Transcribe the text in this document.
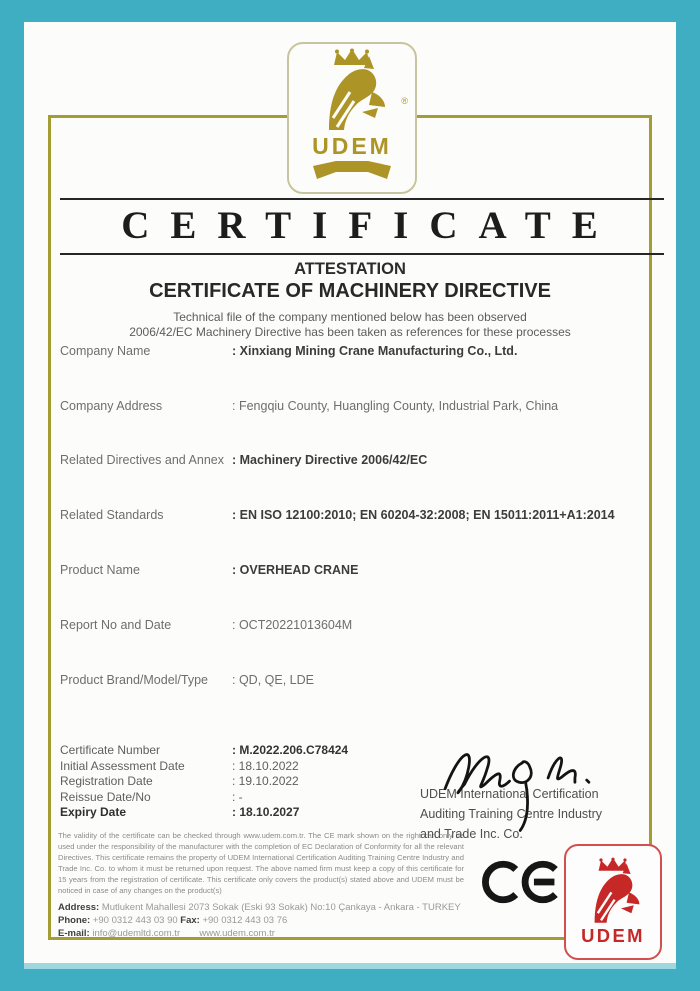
®
CERTIFICATE
ATTESTATION
CERTIFICATE OF MACHINERY DIRECTIVE
Technical file of the company mentioned below has been observed
2006/42/EC Machinery Directive has been taken as references for these processes
Company Name	: Xinxiang Mining Crane Manufacturing Co., Ltd.
Company Address	: Fengqiu County, Huangling County, Industrial Park, China
Related Directives and Annex	: Machinery Directive 2006/42/EC
Related Standards	: EN ISO 12100:2010; EN 60204-32:2008; EN 15011:2011+A1:2014
Product Name	: OVERHEAD CRANE
Report No and Date	: OCT20221013604M
Product Brand/Model/Type	: QD, QE, LDE
Certificate Number	: M.2022.206.C78424
Initial Assessment Date	: 18.10.2022
Registration Date	: 19.10.2022
Reissue Date/No	: -
Expiry Date	: 18.10.2027
UDEM International Certification
Auditing Training Centre Industry
and Trade Inc. Co.
The validity of the certificate can be checked through www.udem.com.tr. The CE mark shown on the right can only be used under the responsibility of the manufacturer with the completion of EC Declaration of Conformity for all the relevant Directives. This certificate remains the property of UDEM International Certification Auditing Training Centre Industry and Trade Inc. Co. to whom it must be returned upon request. The above named firm must keep a copy of this certificate for 15 years from the registration of certificate. This certificate only covers the product(s) stated above and UDEM must be noticed in case of any changes on the product(s)
Address: Mutlukent Mahallesi 2073 Sokak (Eski 93 Sokak) No:10 Çankaya - Ankara - TURKEY
Phone: +90 0312 443 03 90 Fax: +90 0312 443 03 76
E-mail: info@udemltd.com.tr www.udem.com.tr
